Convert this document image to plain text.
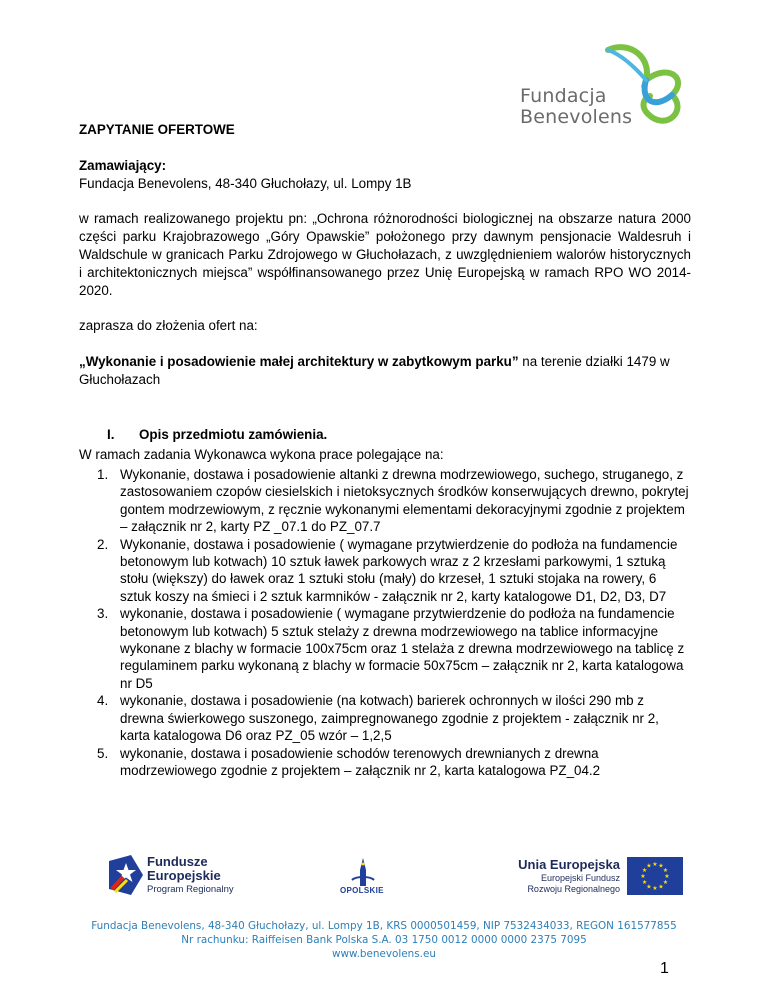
Fundacja
Benevolens
ZAPYTANIE OFERTOWE
Zamawiający:
Fundacja Benevolens, 48-340 Głuchołazy, ul. Lompy 1B
w ramach realizowanego projektu pn: „Ochrona różnorodności biologicznej na obszarze natura 2000 części parku Krajobrazowego „Góry Opawskie” położonego przy dawnym pensjonacie Waldesruh i Waldschule w granicach Parku Zdrojowego w Głuchołazach, z uwzględnieniem walorów historycznych i architektonicznych miejsca” współfinansowanego przez Unię Europejską w ramach RPO WO 2014-2020.
zaprasza do złożenia ofert na:
„Wykonanie i posadowienie małej architektury w zabytkowym parku” na terenie działki 1479 w Głuchołazach
I. Opis przedmiotu zamówienia.
W ramach zadania Wykonawca wykona prace polegające na:
1. Wykonanie, dostawa i posadowienie altanki z drewna modrzewiowego, suchego, struganego, z zastosowaniem czopów ciesielskich i nietoksycznych środków konserwujących drewno, pokrytej gontem modrzewiowym, z ręcznie wykonanymi elementami dekoracyjnymi zgodnie z projektem – załącznik nr 2, karty PZ _07.1 do PZ_07.7
2. Wykonanie, dostawa i posadowienie ( wymagane przytwierdzenie do podłoża na fundamencie betonowym lub kotwach) 10 sztuk ławek parkowych wraz z 2 krzesłami parkowymi, 1 sztuką stołu (większy) do ławek oraz 1 sztuki stołu (mały) do krzeseł, 1 sztuki stojaka na rowery, 6 sztuk koszy na śmieci i 2 sztuk karmników - załącznik nr 2, karty katalogowe D1, D2, D3, D7
3. wykonanie, dostawa i posadowienie ( wymagane przytwierdzenie do podłoża na fundamencie betonowym lub kotwach) 5 sztuk stelaży z drewna modrzewiowego na tablice informacyjne wykonane z blachy w formacie 100x75cm oraz 1 stelaża z drewna modrzewiowego na tablicę z regulaminem parku wykonaną z blachy w formacie 50x75cm – załącznik nr 2, karta katalogowa nr D5
4. wykonanie, dostawa i posadowienie (na kotwach) barierek ochronnych w ilości 290 mb z drewna świerkowego suszonego, zaimpregnowanego zgodnie z projektem - załącznik nr 2, karta katalogowa D6 oraz PZ_05 wzór – 1,2,5
5. wykonanie, dostawa i posadowienie schodów terenowych drewnianych z drewna modrzewiowego zgodnie z projektem – załącznik nr 2, karta katalogowa PZ_04.2
Fundusze
Europejskie
Program Regionalny	OPOLSKIE
Unia Europejska
Europejski Fundusz
Rozwoju Regionalnego
★ ★
★
★
★
★
★
★
★
★
★
★
Fundacja Benevolens, 48-340 Głuchołazy, ul. Lompy 1B, KRS 0000501459, NIP 7532434033, REGON 161577855
Nr rachunku: Raiffeisen Bank Polska S.A. 03 1750 0012 0000 0000 2375 7095
www.benevolens.eu
1
